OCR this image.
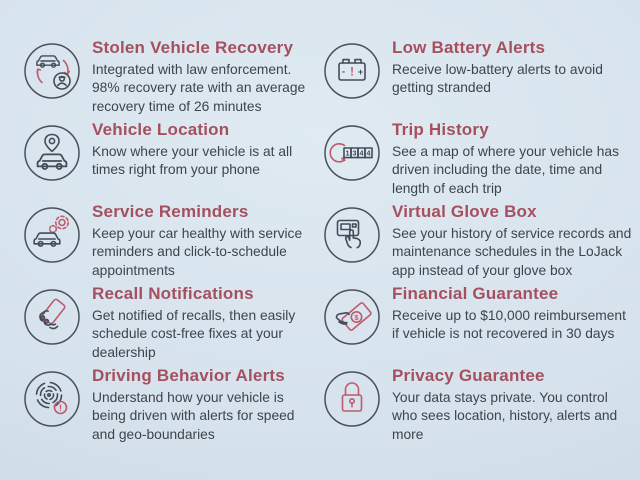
Stolen Vehicle Recovery

Integrated with law enforcement. 98% recovery rate with an average recovery time of 26 minutes

Vehicle Location

Know where your vehicle is at all times right from your phone

Service Reminders

Keep your car healthy with service reminders and click-to-schedule appointments

Recall Notifications

Get notified of recalls, then easily schedule cost-free fixes at your dealership

!
Driving Behavior Alerts

Understand how your vehicle is being driven with alerts for speed and geo-boundaries

- ! +
Low Battery Alerts

Receive low-battery alerts to avoid getting stranded

1 3 4 4
Trip History

See a map of where your vehicle has driven including the date, time and length of each trip

Virtual Glove Box

See your history of service records and maintenance schedules in the LoJack app instead of your glove box

$
Financial Guarantee

Receive up to $10,000 reimbursement if vehicle is not recovered in 30 days

Privacy Guarantee

Your data stays private. You control who sees location, history, alerts and more
